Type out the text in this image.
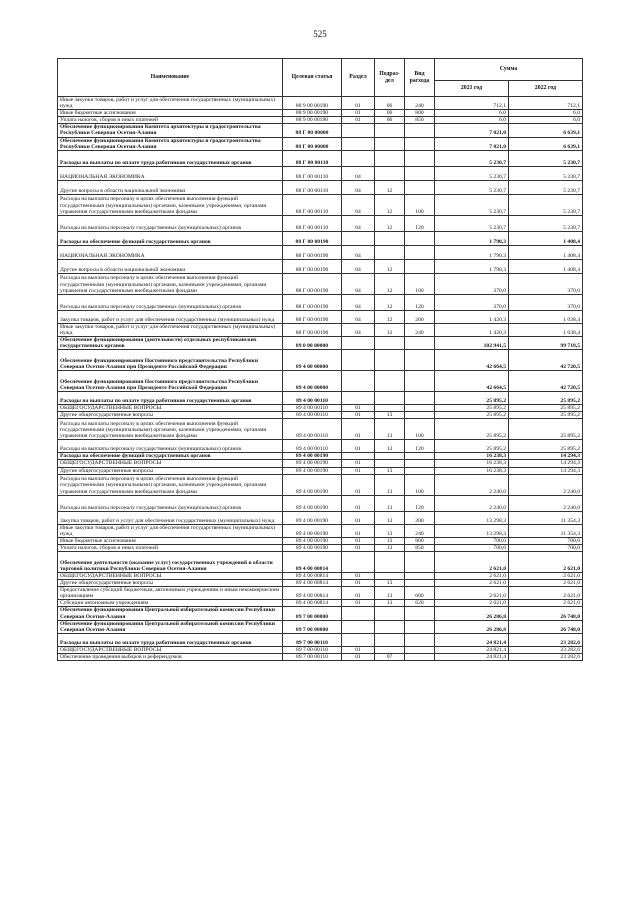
525
Наименование	Целевая статья	Раздел	Подраз- дел	Вид расхода	Сумма	
					2021 год	2022 год
Иные закупки товаров, работ и услуг для обеспечения государственных (муниципальных) нужд	88 9 00 00190	01	06	240	712,1	712,1
Иные бюджетные ассигнования	88 9 00 00190	01	06	800	6,0	6,0
Уплата налогов, сборов и иных платежей	88 9 00 00190	01	06	850	6,0	6,0
Обеспечение функционирования Комитета архитектуры и градостроительства Республики Северная Осетия-Алания	88 Г 00 00000				7 021,0	6 639,1
Обеспечение функционирования Комитета архитектуры и градостроительства Республики Северная Осетия-Алания	88 Г 00 00000				7 021,0	6 639,1
Расходы на выплаты по оплате труда работников государственных органов	88 Г 00 00110				5 230,7	5 230,7
НАЦИОНАЛЬНАЯ ЭКОНОМИКА	88 Г 00 00110	04			5 230,7	5 230,7
Другие вопросы в области национальной экономики	88 Г 00 00110	04	12		5 230,7	5 230,7
Расходы на выплаты персоналу в целях обеспечения выполнения функций государственными (муниципальными) органами, казенными учреждениями, органами управления государственными внебюджетными фондами	88 Г 00 00110	04	12	100	5 230,7	5 230,7
Расходы на выплаты персоналу государственных (муниципальных) органов	88 Г 00 00110	04	12	120	5 230,7	5 230,7
Расходы на обеспечение функций государственных органов	88 Г 00 00190				1 790,3	1 408,4
НАЦИОНАЛЬНАЯ ЭКОНОМИКА	88 Г 00 00190	04			1 790,3	1 408,4
Другие вопросы в области национальной экономики	88 Г 00 00190	04	12		1 790,3	1 408,4
Расходы на выплаты персоналу в целях обеспечения выполнения функций государственными (муниципальными) органами, казенными учреждениями, органами управления государственными внебюджетными фондами	88 Г 00 00190	04	12	100	370,0	370,0
Расходы на выплаты персоналу государственных (муниципальных) органов	88 Г 00 00190	04	12	120	370,0	370,0
Закупка товаров, работ и услуг для обеспечения государственных (муниципальных) нужд	88 Г 00 00190	04	12	200	1 420,3	1 038,4
Иные закупки товаров, работ и услуг для обеспечения государственных (муниципальных) нужд	88 Г 00 00190	04	12	240	1 420,3	1 038,4
Обеспечение функционирования (деятельности) отдельных республиканских государственных органов	89 0 00 00000				102 941,5	99 718,5
Обеспечение функционирования Постоянного представительства Республики Северная Осетия-Алания при Президенте Российской Федерации	89 4 00 00000				42 664,5	42 720,5
Обеспечение функционирования Постоянного представительства Республики Северная Осетия-Алания при Президенте Российской Федерации	89 4 00 00000				42 664,5	42 720,5
Расходы на выплаты по оплате труда работников государственных органов	89 4 00 00110				25 895,2	25 895,2
ОБЩЕГОСУДАРСТВЕННЫЕ ВОПРОСЫ	89 4 00 00110	01			25 895,2	25 895,2
Другие общегосударственные вопросы	89 4 00 00110	01	13		25 895,2	25 895,2
Расходы на выплаты персоналу в целях обеспечения выполнения функций государственными (муниципальными) органами, казенными учреждениями, органами управления государственными внебюджетными фондами	89 4 00 00110	01	13	100	25 895,2	25 895,2
Расходы на выплаты персоналу государственных (муниципальных) органов	89 4 00 00110	01	13	120	25 895,2	25 895,2
Расходы на обеспечение функций государственных органов	89 4 00 00190				16 238,3	14 294,3
ОБЩЕГОСУДАРСТВЕННЫЕ ВОПРОСЫ	89 4 00 00190	01			16 238,3	14 294,3
Другие общегосударственные вопросы	89 4 00 00190	01	13		16 238,3	14 294,3
Расходы на выплаты персоналу в целях обеспечения выполнения функций государственными (муниципальными) органами, казенными учреждениями, органами управления государственными внебюджетными фондами	89 4 00 00190	01	13	100	2 240,0	2 240,0
Расходы на выплаты персоналу государственных (муниципальных) органов	89 4 00 00190	01	13	120	2 240,0	2 240,0
Закупка товаров, работ и услуг для обеспечения государственных (муниципальных) нужд	89 4 00 00190	01	13	200	13 298,3	11 354,3
Иные закупки товаров, работ и услуг для обеспечения государственных (муниципальных) нужд	89 4 00 00190	01	13	240	13 298,3	11 354,3
Иные бюджетные ассигнования	89 4 00 00190	01	13	800	700,0	700,0
Уплата налогов, сборов и иных платежей	89 4 00 00190	01	13	850	700,0	700,0
Обеспечение деятельности (оказание услуг) государственных учреждений в области торговой политики Республики Северная Осетия-Алания	89 4 00 00814				2 621,0	2 621,0
ОБЩЕГОСУДАРСТВЕННЫЕ ВОПРОСЫ	89 4 00 00814	01			2 621,0	2 621,0
Другие общегосударственные вопросы	89 4 00 00814	01	13		2 621,0	2 621,0
Предоставление субсидий бюджетным, автономным учреждениям и иным некоммерческим организациям	89 4 00 00814	01	13	600	2 621,0	2 621,0
Субсидии автономным учреждениям	89 4 00 00814	01	13	620	2 621,0	2 621,0
Обеспечение функционирования Центральной избирательной комиссии Республики Северная Осетия-Алания	89 7 00 00000				26 286,8	26 748,0
Обеспечение функционирования Центральной избирательной комиссии Республики Северная Осетия-Алания	89 7 00 00000				26 286,8	26 748,0
Расходы на выплаты по оплате труда работников государственных органов	89 7 00 00110				24 821,4	23 282,6
ОБЩЕГОСУДАРСТВЕННЫЕ ВОПРОСЫ	89 7 00 00110	01			24 821,4	23 282,6
Обеспечение проведения выборов и референдумов	89 7 00 00110	01	07		24 821,4	23 282,6
